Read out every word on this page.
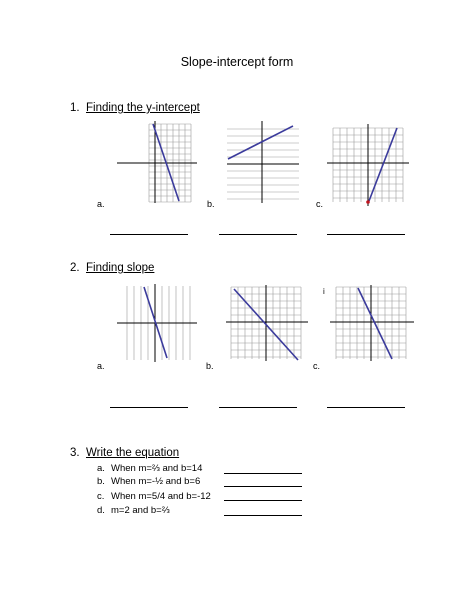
Slope-intercept form
1. Finding the y-intercept
a.	b.	c.
2. Finding slope
a.	b.
i
c.
3. Write the equation
a. When m=⅔ and b=14
b. When m=-½ and b=6
c. When m=5/4 and b=-12
d. m=2 and b=⅔
